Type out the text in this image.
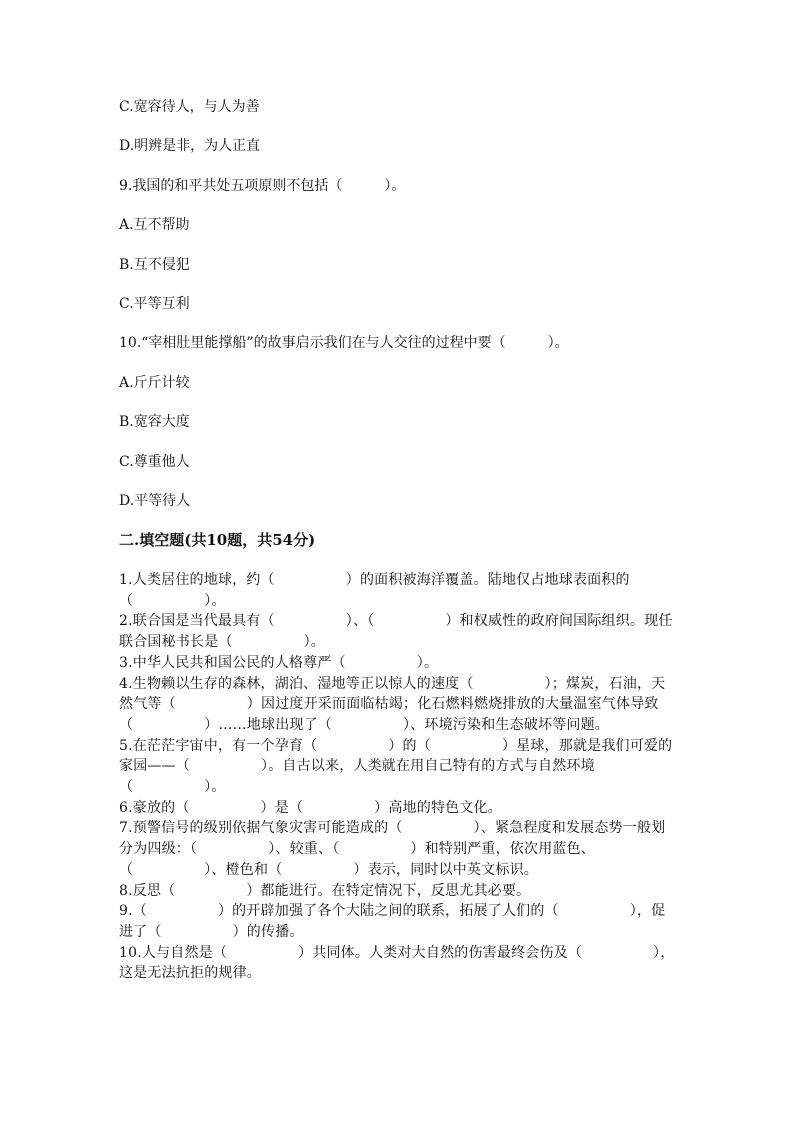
C.宽容待人，与人为善
D.明辨是非，为人正直
9.我国的和平共处五项原则不包括（　　　）。
A.互不帮助
B.互不侵犯
C.平等互利
10.“宰相肚里能撑船”的故事启示我们在与人交往的过程中要（　　　）。
A.斤斤计较
B.宽容大度
C.尊重他人
D.平等待人
二.填空题(共10题，共54分)

1.人类居住的地球，约（　　　　　）的面积被海洋覆盖。陆地仅占地球表面积的（　　　　　）。

2.联合国是当代最具有（　　　　　）、（　　　　　）和权威性的政府间国际组织。现任联合国秘书长是（　　　　　）。

3.中华人民共和国公民的人格尊严（　　　　　）。

4.生物赖以生存的森林，湖泊、湿地等正以惊人的速度（　　　　　）；煤炭，石油，天然气等（　　　　　）因过度开采而面临枯竭；化石燃料燃烧排放的大量温室气体导致（　　　　　）……地球出现了（　　　　　）、环境污染和生态破坏等问题。

5.在茫茫宇宙中，有一个孕育（　　　　　）的（　　　　　）星球，那就是我们可爱的家园——（　　　　　）。自古以来，人类就在用自己特有的方式与自然环境（　　　　　）。

6.豪放的（　　　　　）是（　　　　　）高地的特色文化。

7.预警信号的级别依据气象灾害可能造成的（　　　　　）、紧急程度和发展态势一般划分为四级：（　　　　　）、较重、（　　　　　）和特别严重，依次用蓝色、（　　　　　）、橙色和（　　　　　）表示，同时以中英文标识。

8.反思（　　　　　）都能进行。在特定情况下，反思尤其必要。

9.（　　　　　）的开辟加强了各个大陆之间的联系，拓展了人们的（　　　　　），促进了（　　　　　）的传播。

10.人与自然是（　　　　　）共同体。人类对大自然的伤害最终会伤及（　　　　　），这是无法抗拒的规律。
